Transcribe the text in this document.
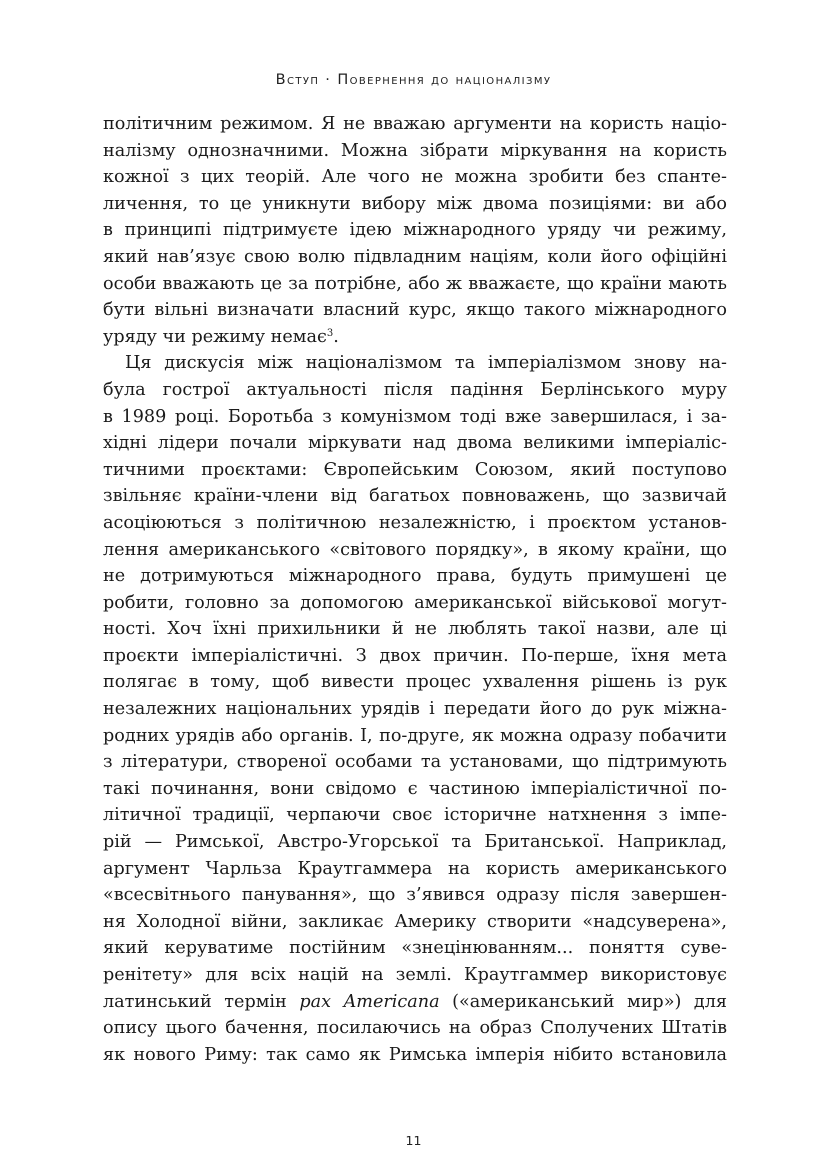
Вступ · Повернення до націоналізму
політичним режимом. Я не вважаю аргументи на користь націо-
налізму однозначними. Можна зібрати міркування на користь
кожної з цих теорій. Але чого не можна зробити без спанте-
личення, то це уникнути вибору між двома позиціями: ви або
в принципі підтримуєте ідею міжнародного уряду чи режиму,
який нав’язує свою волю підвладним націям, коли його офіційні
особи вважають це за потрібне, або ж вважаєте, що країни мають
бути вільні визначати власний курс, якщо такого міжнародного
уряду чи режиму немає$^3$.
Ця дискусія між націоналізмом та імперіалізмом знову на-
була гострої актуальності після падіння Берлінського муру
в 1989 році. Боротьба з комунізмом тоді вже завершилася, і за-
хідні лідери почали міркувати над двома великими імперіаліс-
тичними проєктами: Європейським Союзом, який поступово
звільняє країни-члени від багатьох повноважень, що зазвичай
асоціюються з політичною незалежністю, і проєктом установ-
лення американського «світового порядку», в якому країни, що
не дотримуються міжнародного права, будуть примушені це
робити, головно за допомогою американської військової могут-
ності. Хоч їхні прихильники й не люблять такої назви, але ці
проєкти імперіалістичні. З двох причин. По-перше, їхня мета
полягає в тому, щоб вивести процес ухвалення рішень із рук
незалежних національних урядів і передати його до рук міжна-
родних урядів або органів. І, по-друге, як можна одразу побачити
з літератури, створеної особами та установами, що підтримують
такі починання, вони свідомо є частиною імперіалістичної по-
літичної традиції, черпаючи своє історичне натхнення з імпе-
рій — Римської, Австро-Угорської та Британської. Наприклад,
аргумент Чарльза Краутгаммера на користь американського
«всесвітнього панування», що з’явився одразу після завершен-
ня Холодної війни, закликає Америку створити «надсуверена»,
який керуватиме постійним «знецінюванням... поняття суве-
ренітету» для всіх націй на землі. Краутгаммер використовує
латинський термін pax Americana («американський мир») для
опису цього бачення, посилаючись на образ Сполучених Штатів
як нового Риму: так само як Римська імперія нібито встановила
11
